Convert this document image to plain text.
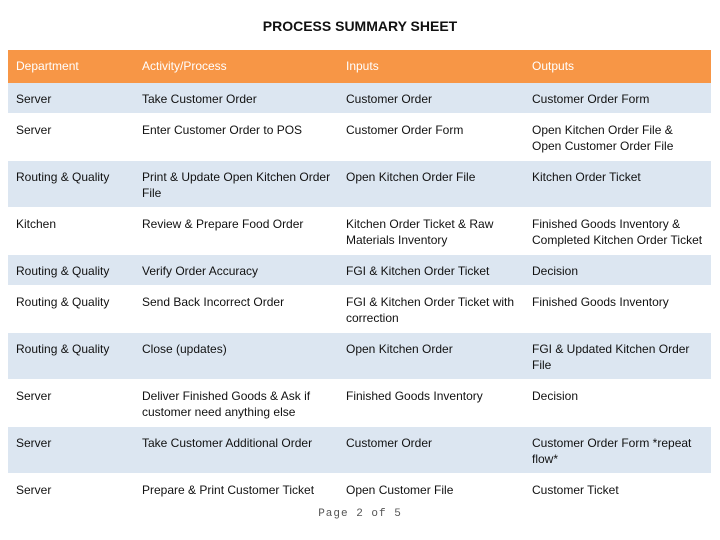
PROCESS SUMMARY SHEET
Department	Activity/Process	Inputs	Outputs
Server	Take Customer Order	Customer Order	Customer Order Form
Server	Enter Customer Order to POS	Customer Order Form	Open Kitchen Order File & Open Customer Order File
Routing & Quality	Print & Update Open Kitchen Order File	Open Kitchen Order File	Kitchen Order Ticket
Kitchen	Review & Prepare Food Order	Kitchen Order Ticket & Raw Materials Inventory	Finished Goods Inventory & Completed Kitchen Order Ticket
Routing & Quality	Verify Order Accuracy	FGI & Kitchen Order Ticket	Decision
Routing & Quality	Send Back Incorrect Order	FGI & Kitchen Order Ticket with correction	Finished Goods Inventory
Routing & Quality	Close (updates)	Open Kitchen Order	FGI & Updated Kitchen Order File
Server	Deliver Finished Goods & Ask if customer need anything else	Finished Goods Inventory	Decision
Server	Take Customer Additional Order	Customer Order	Customer Order Form *repeat flow*
Server	Prepare & Print Customer Ticket	Open Customer File	Customer Ticket
Page 2 of 5
